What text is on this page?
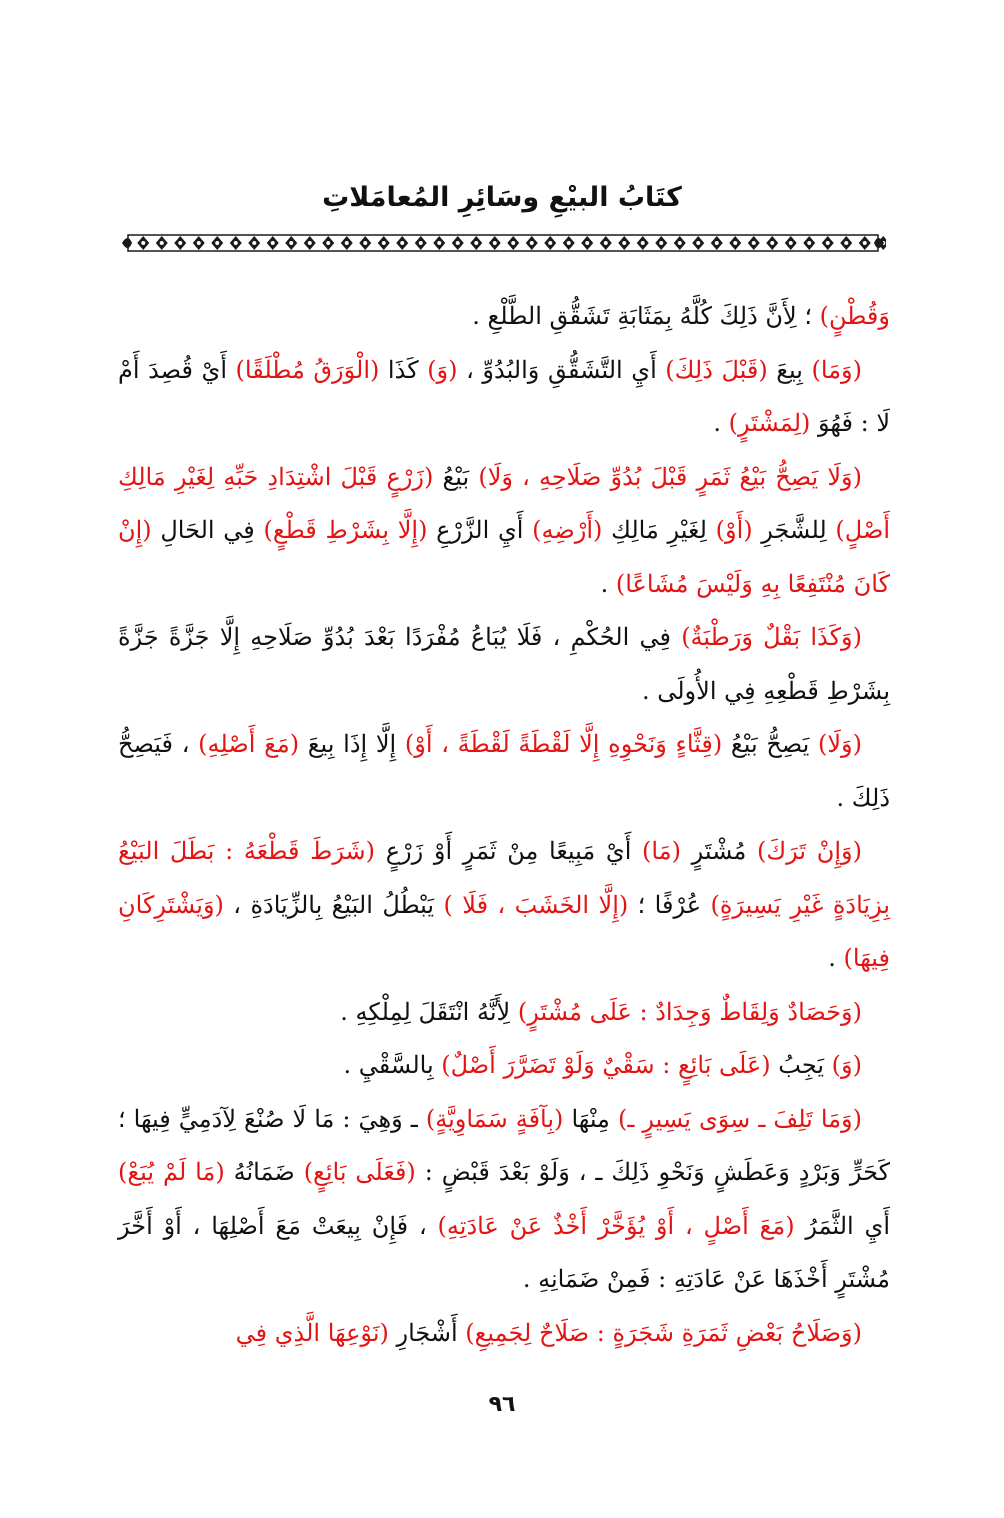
كتَابُ البيْعِ وسَائِرِ المُعامَلاتِ

وَقُطْنٍ) ؛ لِأَنَّ ذَلِكَ كُلَّهُ بِمَثَابَةِ تَشَقُّقِ الطَّلْعِ .

(وَمَا) بِيعَ (قَبْلَ ذَلِكَ) أَيِ التَّشَقُّقِ وَالبُدُوِّ ، (وَ) كَذَا (الْوَرَقُ مُطْلَقًا) أَيْ قُصِدَ أَمْ لَا : فَهُوَ (لِمَشْتَرٍ) .

(وَلَا يَصِحُّ بَيْعُ ثَمَرٍ قَبْلَ بُدُوِّ صَلَاحِهِ ، وَلَا) بَيْعُ (زَرْعٍ قَبْلَ اشْتِدَادِ حَبِّهِ لِغَيْرِ مَالِكِ أَصْلٍ) لِلشَّجَرِ (أَوْ) لِغَيْرِ مَالِكِ (أَرْضِهِ) أَيِ الزَّرْعِ (إِلَّا بِشَرْطِ قَطْعٍ) فِي الحَالِ (إِنْ كَانَ مُنْتَفِعًا بِهِ وَلَيْسَ مُشَاعًا) .

(وَكَذَا بَقْلٌ وَرَطْبَةٌ) فِي الحُكْمِ ، فَلَا يُبَاعُ مُفْرَدًا بَعْدَ بُدُوِّ صَلَاحِهِ إِلَّا جَزَّةً جَزَّةً بِشَرْطِ قَطْعِهِ فِي الأُولَى .

(وَلَا) يَصِحُّ بَيْعُ (قِثَّاءٍ وَنَحْوِهِ إِلَّا لَقْطَةً لَقْطَةً ، أَوْ) إِلَّا إِذَا بِيعَ (مَعَ أَصْلِهِ) ، فَيَصِحُّ ذَلِكَ .

(وَإِنْ تَرَكَ) مُشْتَرٍ (مَا) أَيْ مَبِيعًا مِنْ ثَمَرٍ أَوْ زَرْعٍ (شَرَطَ قَطْعَهُ : بَطَلَ البَيْعُ بِزِيَادَةٍ غَيْرِ يَسِيرَةٍ) عُرْفًا ؛ (إِلَّا الخَشَبَ ، فَلَا ) يَبْطُلُ البَيْعُ بِالزِّيَادَةِ ، (وَيَشْتَرِكَانِ فِيهَا) .

(وَحَصَادٌ وَلِقَاطٌ وَجِدَادٌ : عَلَى مُشْتَرٍ) لِأَنَّهُ انْتَقَلَ لِمِلْكِهِ .

(وَ) يَجِبُ (عَلَى بَائِعٍ : سَقْيٌ وَلَوْ تَضَرَّرَ أَصْلٌ) بِالسَّقْيِ .

(وَمَا تَلِفَ ـ سِوَى يَسِيرٍ ـ) مِنْهَا (بِآفَةٍ سَمَاوِيَّةٍ) ـ وَهِيَ : مَا لَا صُنْعَ لِآدَمِيٍّ فِيهَا ؛ كَحَرٍّ وَبَرْدٍ وَعَطَشٍ وَنَحْوِ ذَلِكَ ـ ، وَلَوْ بَعْدَ قَبْضٍ : (فَعَلَى بَائِعٍ) ضَمَانُهُ (مَا لَمْ يُبَعْ) أَيِ الثَّمَرُ (مَعَ أَصْلٍ ، أَوْ يُؤَخَّرْ أَخْذٌ عَنْ عَادَتِهِ) ، فَإِنْ بِيعَتْ مَعَ أَصْلِهَا ، أَوْ أَخَّرَ مُشْتَرٍ أَخْذَهَا عَنْ عَادَتِهِ : فَمِنْ ضَمَانِهِ .

(وَصَلَاحُ بَعْضِ ثَمَرَةِ شَجَرَةٍ : صَلَاحٌ لِجَمِيعِ) أَشْجَارِ (نَوْعِهَا الَّذِي فِي

٩٦
